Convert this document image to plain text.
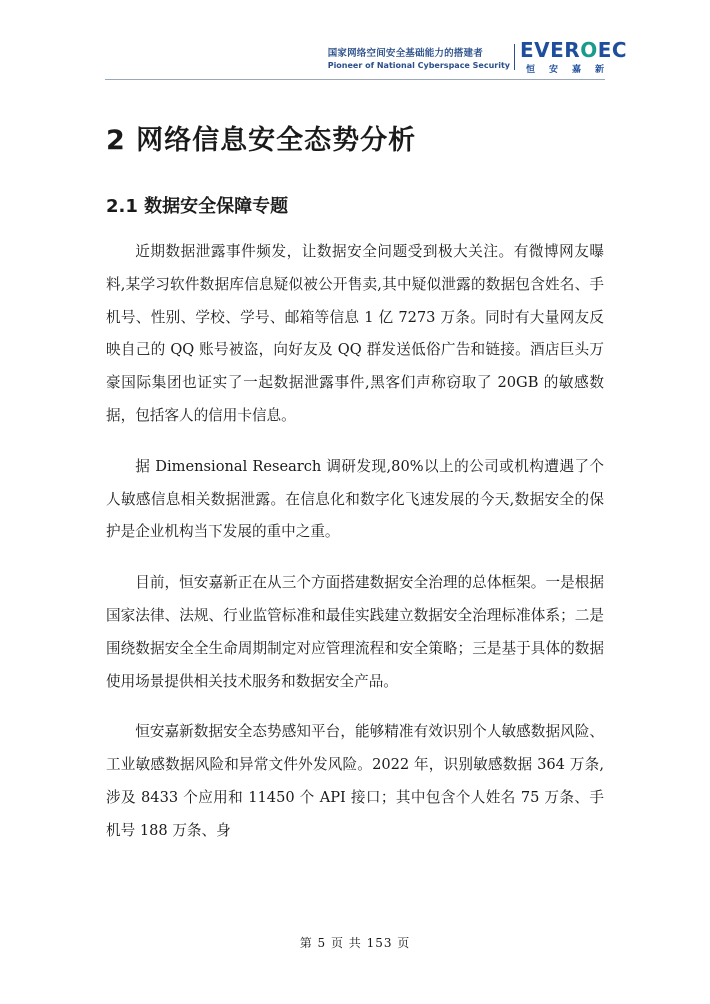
国家网络空间安全基础能力的搭建者
Pioneer of National Cyberspace Security
EVEROEC
恒安嘉新
2 网络信息安全态势分析
2.1 数据安全保障专题

近期数据泄露事件频发，让数据安全问题受到极大关注。有微博网友曝料,某学习软件数据库信息疑似被公开售卖,其中疑似泄露的数据包含姓名、手机号、性别、学校、学号、邮箱等信息 1 亿 7273 万条。同时有大量网友反映自己的 QQ 账号被盗，向好友及 QQ 群发送低俗广告和链接。酒店巨头万豪国际集团也证实了一起数据泄露事件,黑客们声称窃取了 20GB 的敏感数据，包括客人的信用卡信息。

据 Dimensional Research 调研发现,80%以上的公司或机构遭遇了个人敏感信息相关数据泄露。在信息化和数字化飞速发展的今天,数据安全的保护是企业机构当下发展的重中之重。

目前，恒安嘉新正在从三个方面搭建数据安全治理的总体框架。一是根据国家法律、法规、行业监管标准和最佳实践建立数据安全治理标准体系；二是围绕数据安全全生命周期制定对应管理流程和安全策略；三是基于具体的数据使用场景提供相关技术服务和数据安全产品。

恒安嘉新数据安全态势感知平台，能够精准有效识别个人敏感数据风险、工业敏感数据风险和异常文件外发风险。2022 年，识别敏感数据 364 万条,涉及 8433 个应用和 11450 个 API 接口；其中包含个人姓名 75 万条、手机号 188 万条、身

第 5 页 共 153 页
